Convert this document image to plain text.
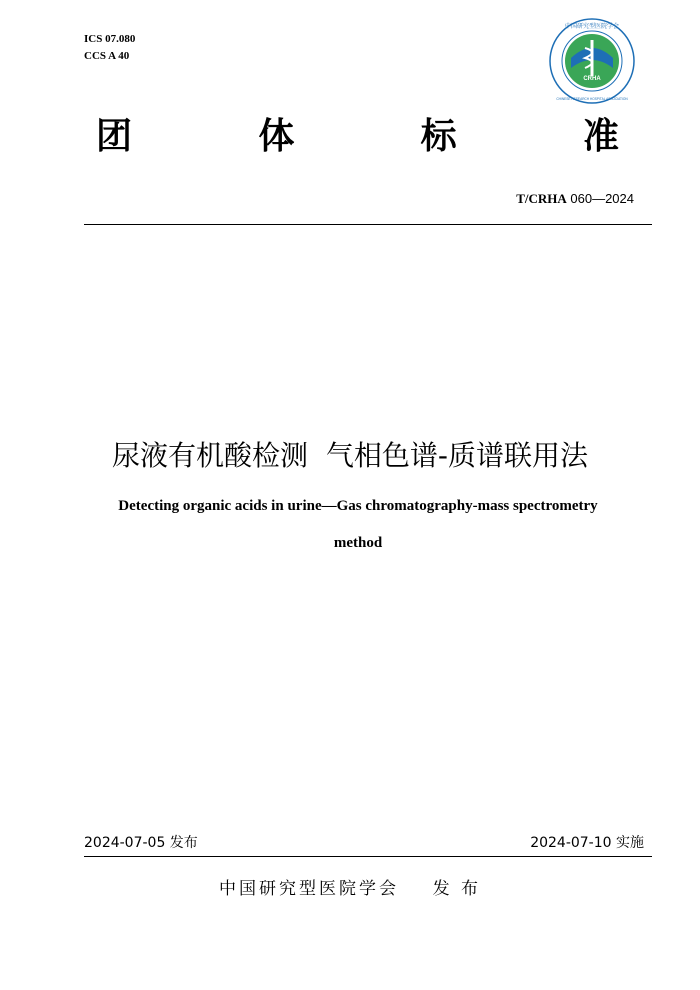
ICS 07.080
CCS A 40
中国研究型医院学会
CRHA
CHINESE RESEARCH HOSPITAL ASSOCIATION
团	体	标	准
T/CRHA 060—2024
尿液有机酸检测  气相色谱-质谱联用法
Detecting organic acids in urine—Gas chromatography-mass spectrometry
method
2024-07-05 发布	2024-07-10 实施
中国研究型医院学会    发 布
